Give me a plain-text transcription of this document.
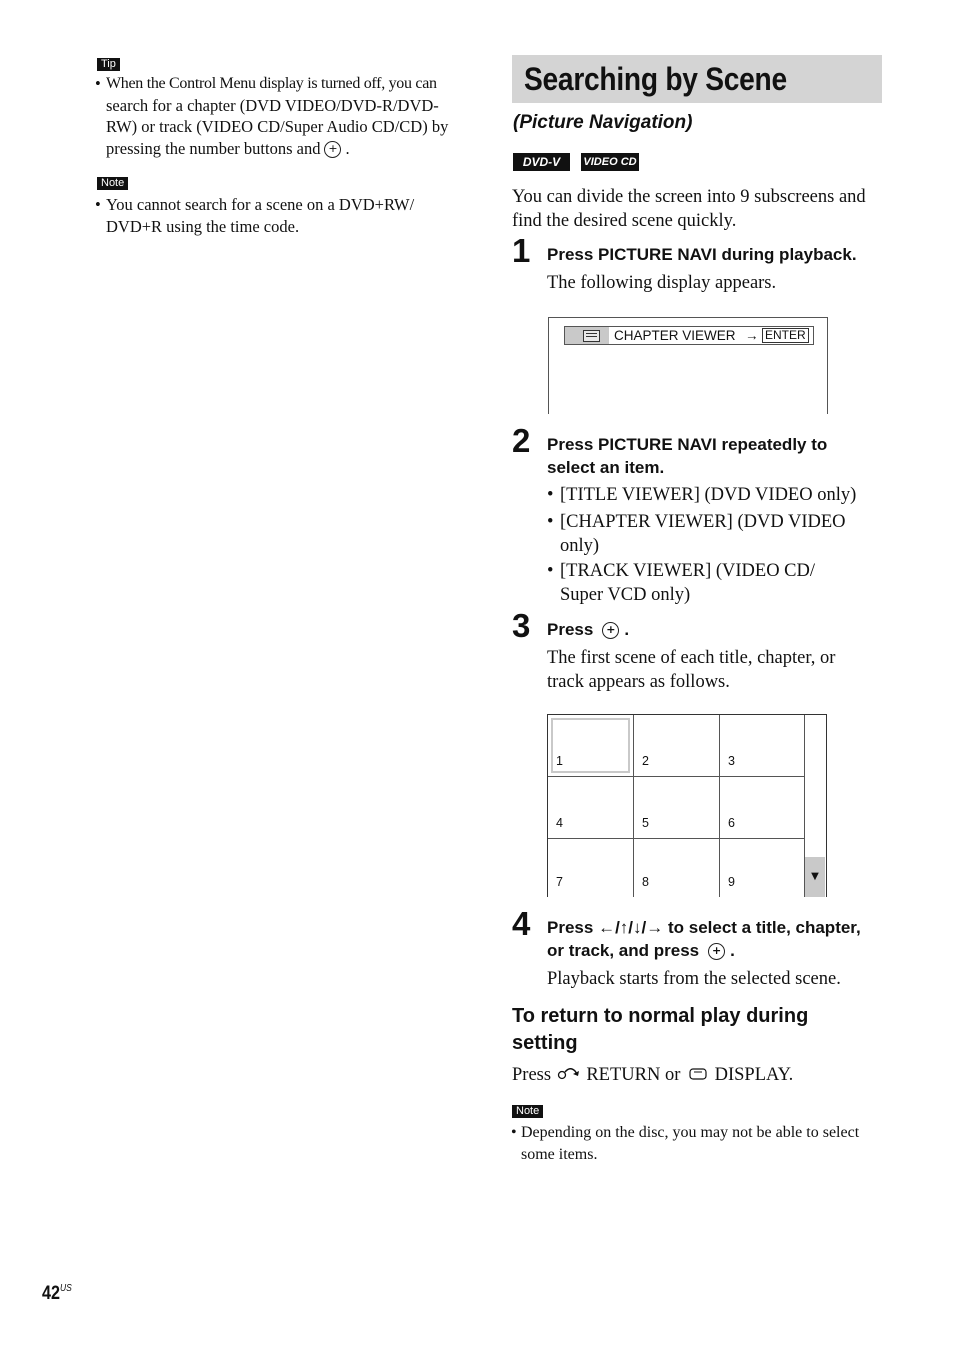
Tip
• When the Control Menu display is turned off, you can
search for a chapter (DVD VIDEO/DVD-R/DVD-
RW) or track (VIDEO CD/Super Audio CD/CD) by
pressing the number buttons and + .
Note
• You cannot search for a scene on a DVD+RW/
DVD+R using the time code.
Searching by Scene
(Picture Navigation)
DVD-V	VIDEO CD
You can divide the screen into 9 subscreens and
find the desired scene quickly.
1 Press PICTURE NAVI during playback.
The following display appears.
CHAPTER VIEWER → ENTER
2 Press PICTURE NAVI repeatedly to
select an item.
• [TITLE VIEWER] (DVD VIDEO only)
• [CHAPTER VIEWER] (DVD VIDEO
only)
• [TRACK VIEWER] (VIDEO CD/
Super VCD only)
3 Press + .
The first scene of each title, chapter, or
track appears as follows.
1	2	3
4	5	6
7	8	9	▼
4 Press ←/↑/↓/→ to select a title, chapter,
or track, and press + .
Playback starts from the selected scene.
To return to normal play during
setting
Press RETURN or DISPLAY.
Note
• Depending on the disc, you may not be able to select
some items.
$42^{US}$
